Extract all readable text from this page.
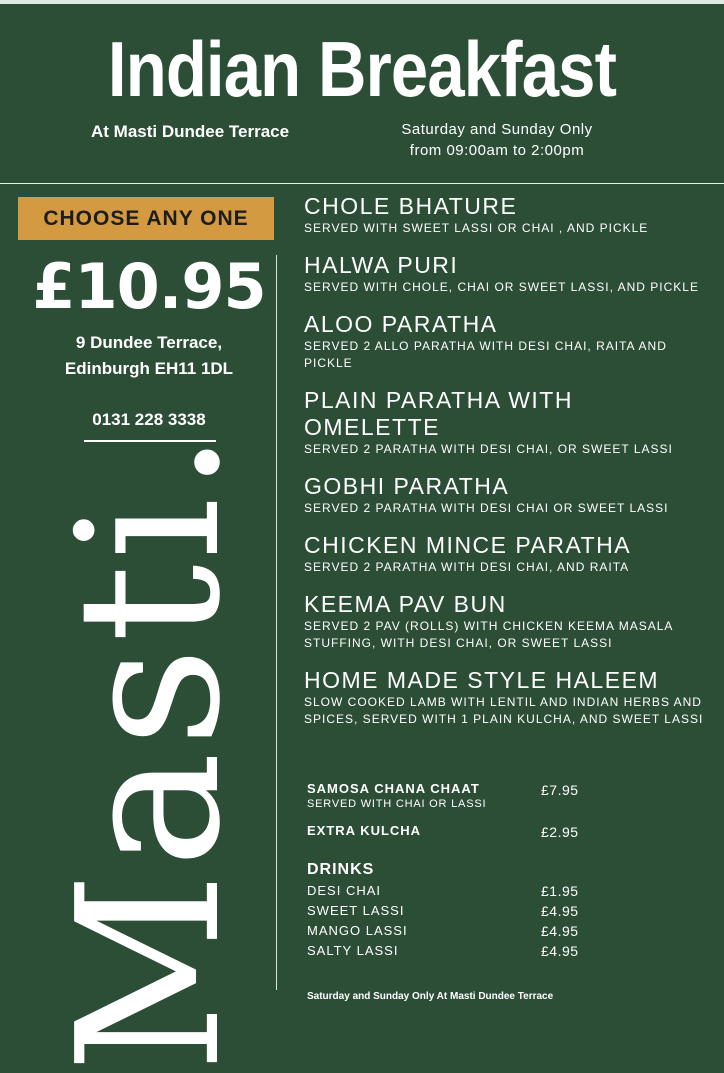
Indian Breakfast
At Masti Dundee Terrace	Saturday and Sunday Only
from 09:00am to 2:00pm
CHOOSE ANY ONE
£10.95
9 Dundee Terrace,
Edinburgh EH11 1DL
0131 228 3338
Masti.
CHOLE BHATURE
SERVED WITH SWEET LASSI OR CHAI , AND PICKLE
HALWA PURI
SERVED WITH CHOLE, CHAI OR SWEET LASSI, AND PICKLE
ALOO PARATHA
SERVED 2 ALLO PARATHA WITH DESI CHAI, RAITA AND PICKLE
PLAIN PARATHA WITH OMELETTE
SERVED 2 PARATHA WITH DESI CHAI, OR SWEET LASSI
GOBHI PARATHA
SERVED 2 PARATHA WITH DESI CHAI OR SWEET LASSI
CHICKEN MINCE PARATHA
SERVED 2 PARATHA WITH DESI CHAI, AND RAITA
KEEMA PAV BUN
SERVED 2 PAV (ROLLS) WITH CHICKEN KEEMA MASALA STUFFING, WITH DESI CHAI, OR SWEET LASSI
HOME MADE STYLE HALEEM
SLOW COOKED LAMB WITH LENTIL AND INDIAN HERBS AND SPICES, SERVED WITH 1 PLAIN KULCHA, AND SWEET LASSI
SAMOSA CHANA CHAAT
SERVED WITH CHAI OR LASSI
£7.95
EXTRA KULCHA	£2.95
DRINKS
DESI CHAI	£1.95
SWEET LASSI	£4.95
MANGO LASSI	£4.95
SALTY LASSI	£4.95
Saturday and Sunday Only At Masti Dundee Terrace
